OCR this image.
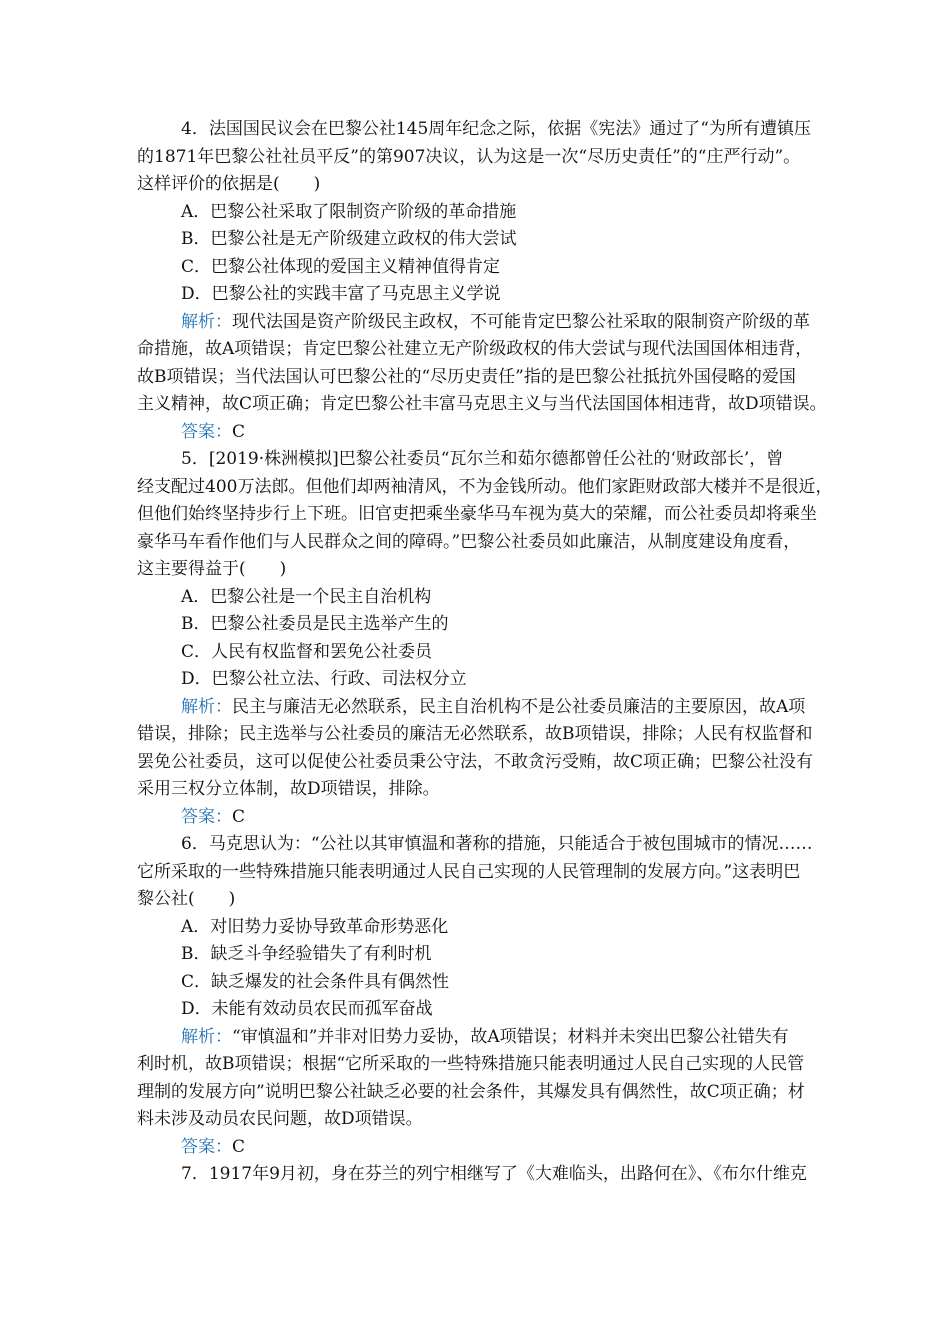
4．法国国民议会在巴黎公社145周年纪念之际，依据《宪法》通过了“为所有遭镇压
的1871年巴黎公社社员平反”的第907决议，认为这是一次“尽历史责任”的“庄严行动”。
这样评价的依据是(　　)
A．巴黎公社采取了限制资产阶级的革命措施
B．巴黎公社是无产阶级建立政权的伟大尝试
C．巴黎公社体现的爱国主义精神值得肯定
D．巴黎公社的实践丰富了马克思主义学说
解析：现代法国是资产阶级民主政权，不可能肯定巴黎公社采取的限制资产阶级的革
命措施，故A项错误；肯定巴黎公社建立无产阶级政权的伟大尝试与现代法国国体相违背，
故B项错误；当代法国认可巴黎公社的“尽历史责任”指的是巴黎公社抵抗外国侵略的爱国
主义精神，故C项正确；肯定巴黎公社丰富马克思主义与当代法国国体相违背，故D项错误。
答案：C
5．[2019·株洲模拟]巴黎公社委员“瓦尔兰和茹尔德都曾任公社的‘财政部长’，曾
经支配过400万法郎。但他们却两袖清风，不为金钱所动。他们家距财政部大楼并不是很近，
但他们始终坚持步行上下班。旧官吏把乘坐豪华马车视为莫大的荣耀，而公社委员却将乘坐
豪华马车看作他们与人民群众之间的障碍。”巴黎公社委员如此廉洁，从制度建设角度看，
这主要得益于(　　)
A．巴黎公社是一个民主自治机构
B．巴黎公社委员是民主选举产生的
C．人民有权监督和罢免公社委员
D．巴黎公社立法、行政、司法权分立
解析：民主与廉洁无必然联系，民主自治机构不是公社委员廉洁的主要原因，故A项
错误，排除；民主选举与公社委员的廉洁无必然联系，故B项错误，排除；人民有权监督和
罢免公社委员，这可以促使公社委员秉公守法，不敢贪污受贿，故C项正确；巴黎公社没有
采用三权分立体制，故D项错误，排除。
答案：C
6．马克思认为：“公社以其审慎温和著称的措施，只能适合于被包围城市的情况……
它所采取的一些特殊措施只能表明通过人民自己实现的人民管理制的发展方向。”这表明巴
黎公社(　　)
A．对旧势力妥协导致革命形势恶化
B．缺乏斗争经验错失了有利时机
C．缺乏爆发的社会条件具有偶然性
D．未能有效动员农民而孤军奋战
解析：“审慎温和”并非对旧势力妥协，故A项错误；材料并未突出巴黎公社错失有
利时机，故B项错误；根据“它所采取的一些特殊措施只能表明通过人民自己实现的人民管
理制的发展方向”说明巴黎公社缺乏必要的社会条件，其爆发具有偶然性，故C项正确；材
料未涉及动员农民问题，故D项错误。
答案：C
7．1917年9月初，身在芬兰的列宁相继写了《大难临头，出路何在》、《布尔什维克
